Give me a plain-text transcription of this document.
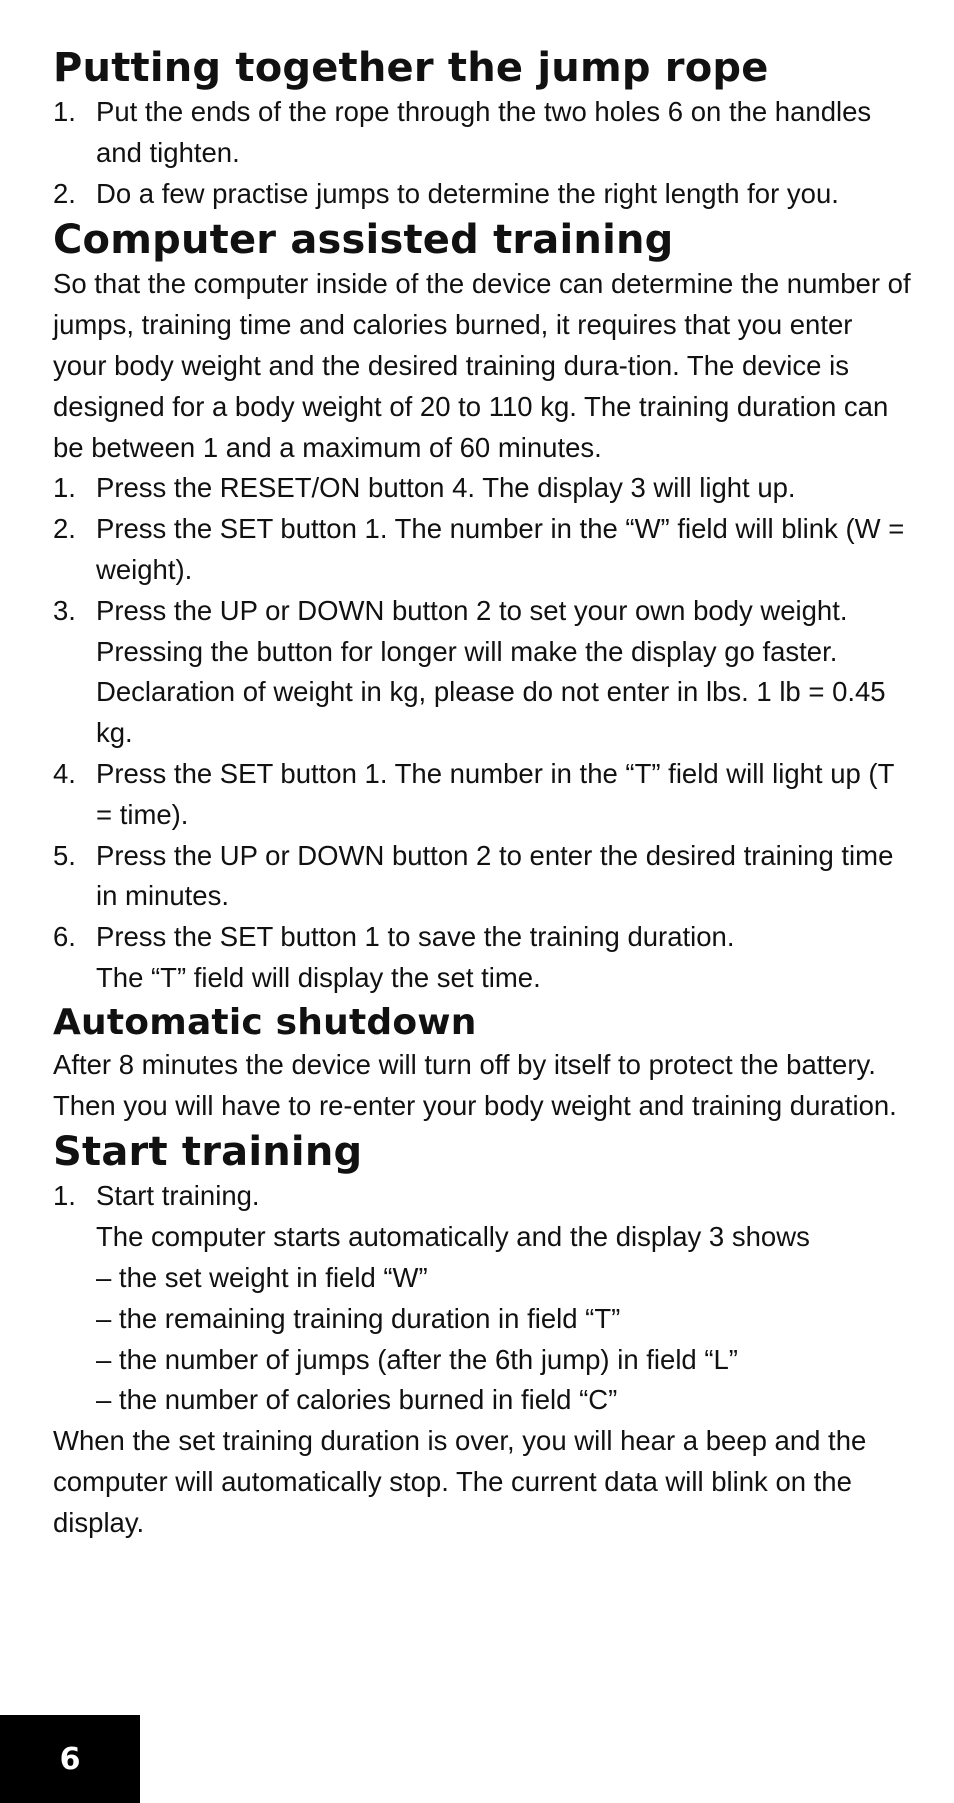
Putting together the jump rope
1. Put the ends of the rope through the two holes 6 on the handles and tighten.
2. Do a few practise jumps to determine the right length for you.
Computer assisted training

So that the computer inside of the device can determine the number of jumps, training time and calories burned, it requires that you enter your body weight and the desired training dura-tion. The device is designed for a body weight of 20 to 110 kg. The training duration can be between 1 and a maximum of 60 minutes.

1. Press the RESET/ON button 4. The display 3 will light up.
2. Press the SET button 1. The number in the “W” field will blink (W = weight).
3. Press the UP or DOWN button 2 to set your own body weight. Pressing the button for longer will make the display go faster. Declaration of weight in kg, please do not enter in lbs. 1 lb = 0.45 kg.
4. Press the SET button 1. The number in the “T” field will light up (T = time).
5. Press the UP or DOWN button 2 to enter the desired training time in minutes.
6. Press the SET button 1 to save the training duration.
The “T” field will display the set time.
Automatic shutdown

After 8 minutes the device will turn off by itself to protect the battery. Then you will have to re-enter your body weight and training duration.

Start training
1. Start training.

The computer starts automatically and the display 3 shows

– the set weight in field “W”

– the remaining training duration in field “T”

– the number of jumps (after the 6th jump) in field “L”

– the number of calories burned in field “C”

When the set training duration is over, you will hear a beep and the computer will automatically stop. The current data will blink on the display.

6
